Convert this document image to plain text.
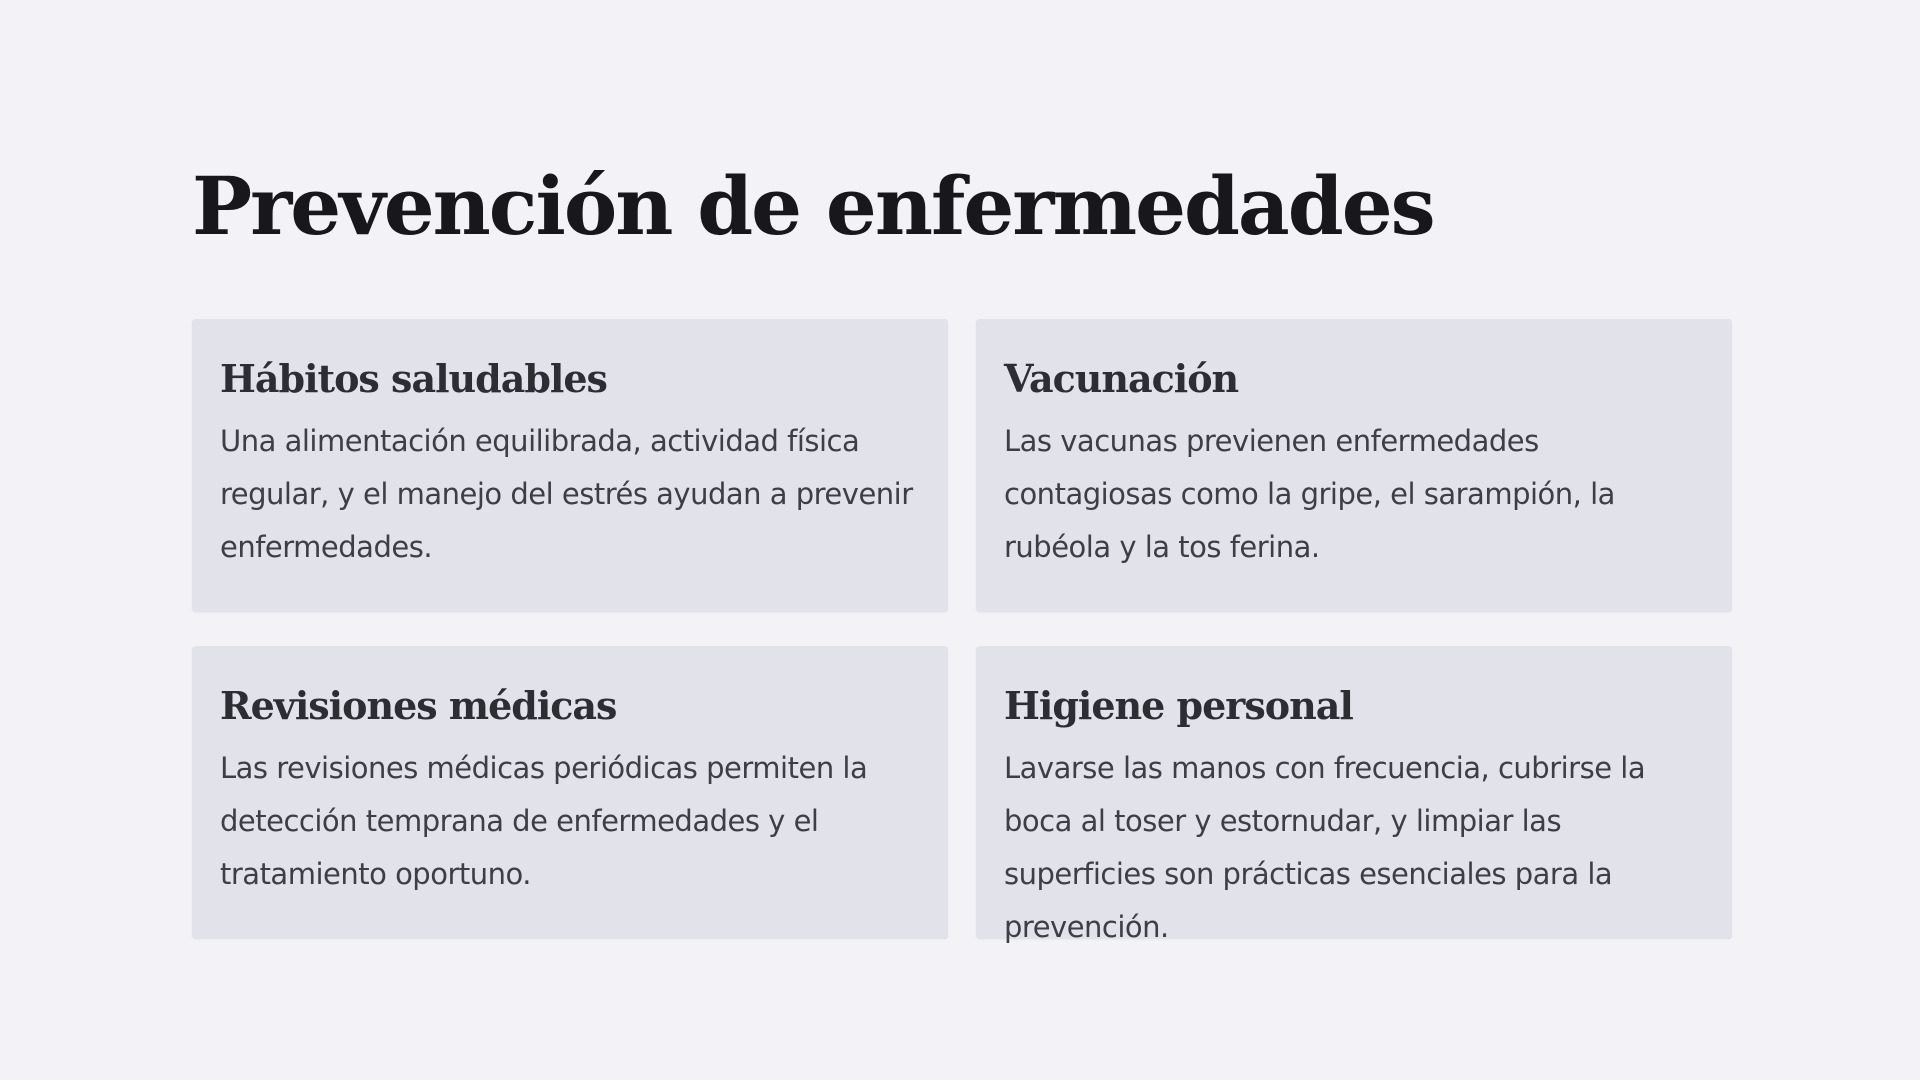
Prevención de enfermedades
Hábitos saludables

Una alimentación equilibrada, actividad física regular, y el manejo del estrés ayudan a prevenir enfermedades.

Vacunación

Las vacunas previenen enfermedades contagiosas como la gripe, el sarampión, la rubéola y la tos ferina.

Revisiones médicas

Las revisiones médicas periódicas permiten la detección temprana de enfermedades y el tratamiento oportuno.

Higiene personal

Lavarse las manos con frecuencia, cubrirse la boca al toser y estornudar, y limpiar las superficies son prácticas esenciales para la prevención.
